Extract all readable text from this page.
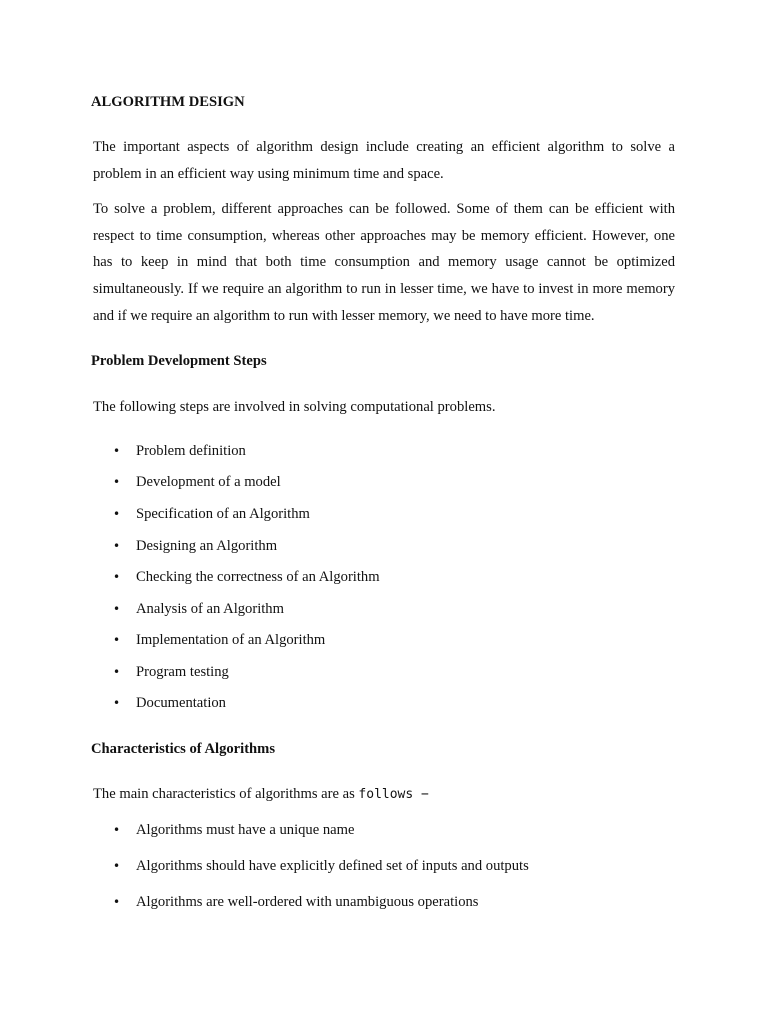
ALGORITHM DESIGN

The important aspects of algorithm design include creating an efficient algorithm to solve a problem in an efficient way using minimum time and space.

To solve a problem, different approaches can be followed. Some of them can be efficient with respect to time consumption, whereas other approaches may be memory efficient. However, one has to keep in mind that both time consumption and memory usage cannot be optimized simultaneously. If we require an algorithm to run in lesser time, we have to invest in more memory and if we require an algorithm to run with lesser memory, we need to have more time.

Problem Development Steps

The following steps are involved in solving computational problems.

• Problem definition
• Development of a model
• Specification of an Algorithm
• Designing an Algorithm
• Checking the correctness of an Algorithm
• Analysis of an Algorithm
• Implementation of an Algorithm
• Program testing
• Documentation
Characteristics of Algorithms

The main characteristics of algorithms are as follows −

• Algorithms must have a unique name
• Algorithms should have explicitly defined set of inputs and outputs
• Algorithms are well-ordered with unambiguous operations
